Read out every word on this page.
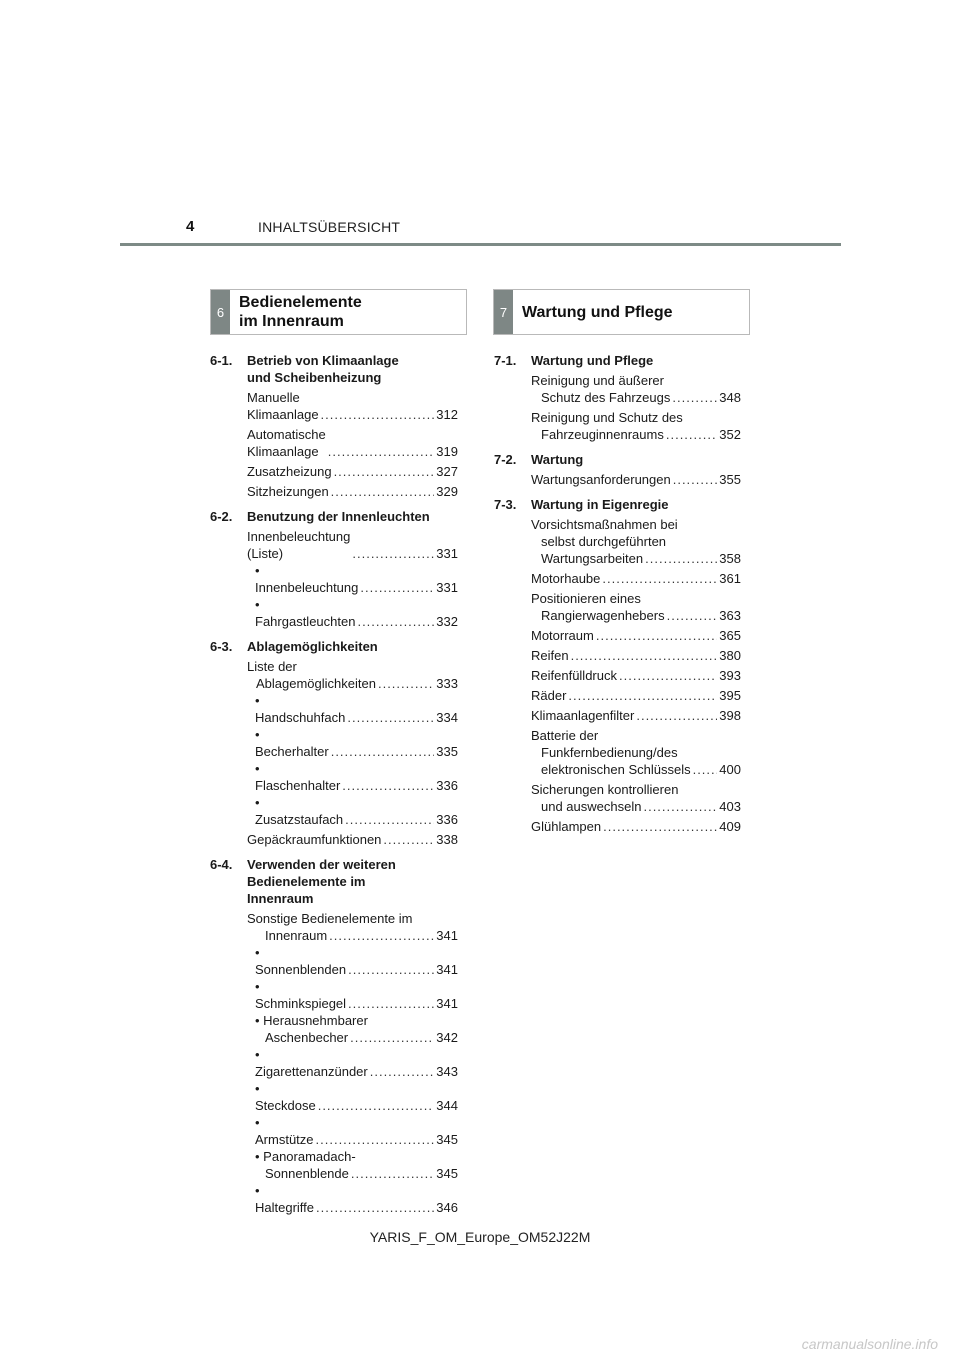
4	INHALTSÜBERSICHT
6
Bedienelemente
im Innenraum
7 Wartung und Pflege
6-1. Betrieb von Klimaanlage
und Scheibenheizung
Manuelle Klimaanlage .....	312
Automatische Klimaanlage .....	319
Zusatzheizung .....	327
Sitzheizungen .....	329
6-2. Benutzung der Innenleuchten
Innenbeleuchtung (Liste) .....	331
• Innenbeleuchtung .....	331
• Fahrgastleuchten .....	332
6-3. Ablagemöglichkeiten
Liste der
Ablagemöglichkeiten .....	333
• Handschuhfach .....	334
• Becherhalter .....	335
• Flaschenhalter .....	336
• Zusatzstaufach .....	336
Gepäckraumfunktionen .....	338
6-4. Verwenden der weiteren
Bedienelemente im
Innenraum
Sonstige Bedienelemente im
Innenraum .....	341
• Sonnenblenden .....	341
• Schminkspiegel .....	341
• Herausnehmbarer
Aschenbecher .....	342
• Zigarettenanzünder .....	343
• Steckdose .....	344
• Armstütze .....	345
• Panoramadach-
Sonnenblende .....	345
• Haltegriffe .....	346
7-1. Wartung und Pflege
Reinigung und äußerer
Schutz des Fahrzeugs .....	348
Reinigung und Schutz des
Fahrzeuginnenraums .....	352
7-2. Wartung
Wartungsanforderungen .....	355
7-3. Wartung in Eigenregie
Vorsichtsmaßnahmen bei
selbst durchgeführten
Wartungsarbeiten .....	358
Motorhaube .....	361
Positionieren eines
Rangierwagenhebers .....	363
Motorraum .....	365
Reifen .....	380
Reifenfülldruck .....	393
Räder .....	395
Klimaanlagenfilter .....	398
Batterie der
Funkfernbedienung/des
elektronischen Schlüssels ..... 400
Sicherungen kontrollieren
und auswechseln .....	403
Glühlampen .....	409
YARIS_F_OM_Europe_OM52J22M
carmanualsonline.info
